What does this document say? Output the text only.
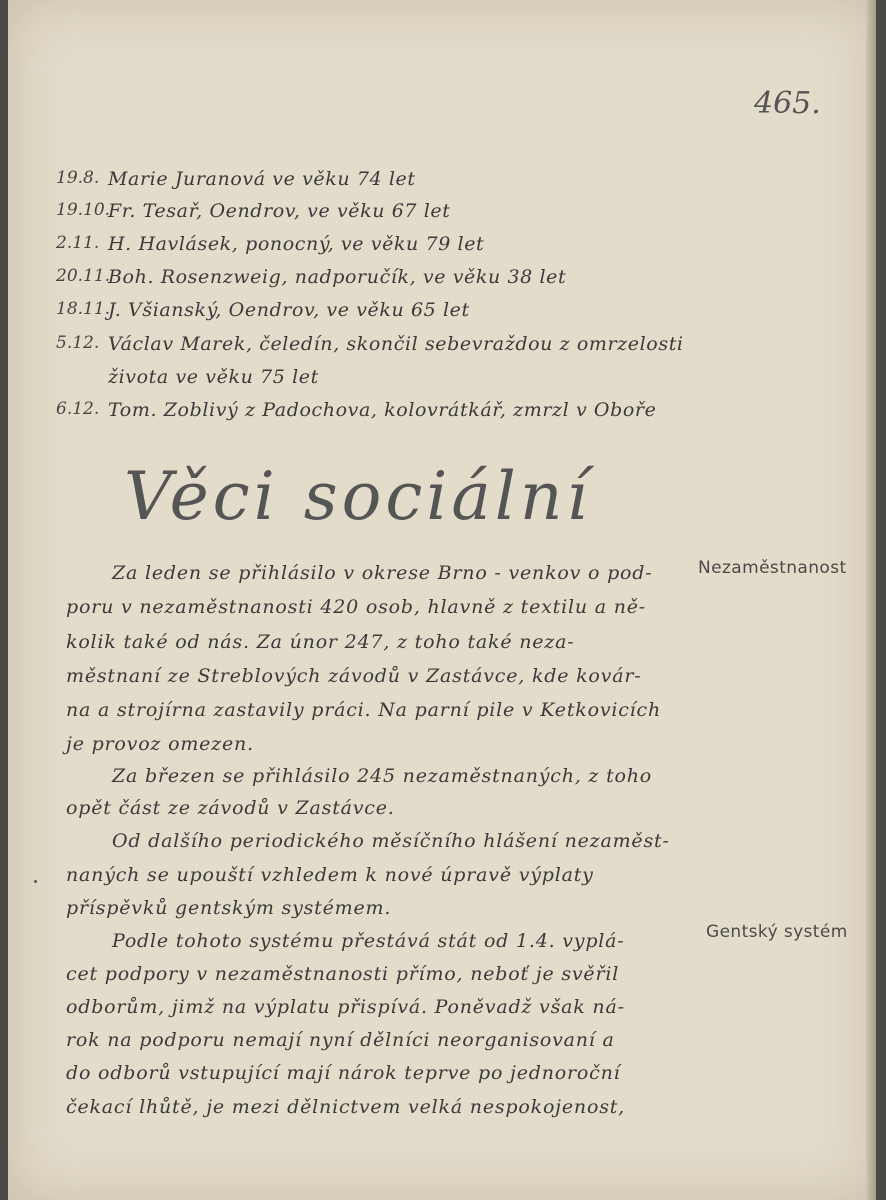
465.
19.8. Marie Juranová ve věku 74 let
19.10.
Fr. Tesař, Oendrov, ve věku 67 let
2.11. H. Havlásek, ponocný, ve věku 79 let
20.11.
Boh. Rosenzweig, nadporučík, ve věku 38 let
18.11.
J. Všianský, Oendrov, ve věku 65 let
5.12. Václav Marek, čeledín, skončil sebevraždou z omrzelosti
života ve věku 75 let
6.12. Tom. Zoblivý z Padochova, kolovrátkář, zmrzl v Oboře
Věci sociální
Za leden se přihlásilo v okrese Brno - venkov o pod-
poru v nezaměstnanosti 420 osob, hlavně z textilu a ně-
kolik také od nás. Za únor 247, z toho také neza-
městnaní ze Streblových závodů v Zastávce, kde kovár-
na a strojírna zastavily práci. Na parní pile v Ketkovicích
je provoz omezen.
Za březen se přihlásilo 245 nezaměstnaných, z toho
opět část ze závodů v Zastávce.
Od dalšího periodického měsíčního hlášení nezaměst-
naných se upouští vzhledem k nové úpravě výplaty
příspěvků gentským systémem.
Podle tohoto systému přestává stát od 1.4. vyplá-
cet podpory v nezaměstnanosti přímo, neboť je svěřil
odborům, jimž na výplatu přispívá. Poněvadž však ná-
rok na podporu nemají nyní dělníci neorganisovaní a
do odborů vstupující mají nárok teprve po jednoroční
čekací lhůtě, je mezi dělnictvem velká nespokojenost,
Nezaměstnanost
Gentský systém
